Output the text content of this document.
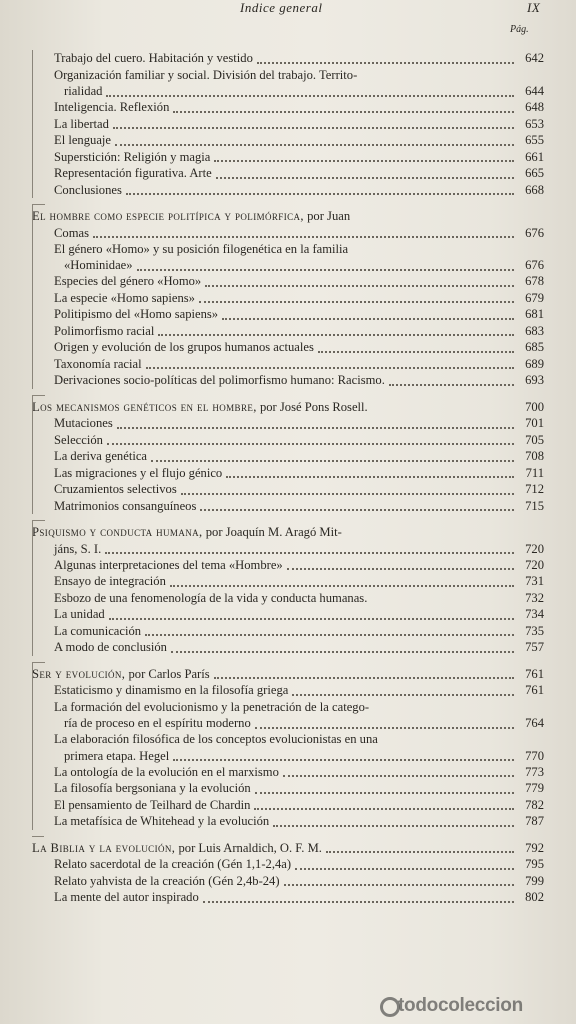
Indice general	IX
Pág.
Trabajo del cuero. Habitación y vestido	642
Organización familiar y social. División del trabajo. Territo-
rialidad	644
Inteligencia. Reflexión	648
La libertad	653
El lenguaje	655
Superstición: Religión y magia	661
Representación figurativa. Arte	665
Conclusiones	668
El hombre como especie politípica y polimórfica, por Juan
Comas	676
El género «Homo» y su posición filogenética en la familia
«Hominidae»	676
Especies del género «Homo»	678
La especie «Homo sapiens»	679
Politipismo del «Homo sapiens»	681
Polimorfismo racial	683
Origen y evolución de los grupos humanos actuales	685
Taxonomía racial	689
Derivaciones socio-políticas del polimorfismo humano: Racismo.	693
Los mecanismos genéticos en el hombre, por José Pons Rosell.	700
Mutaciones	701
Selección	705
La deriva genética	708
Las migraciones y el flujo génico	711
Cruzamientos selectivos	712
Matrimonios consanguíneos	715
Psiquismo y conducta humana, por Joaquín M. Aragó Mit-
jáns, S. I.	720
Algunas interpretaciones del tema «Hombre»	720
Ensayo de integración	731
Esbozo de una fenomenología de la vida y conducta humanas.	732
La unidad	734
La comunicación	735
A modo de conclusión	757
Ser y evolución, por Carlos París	761
Estaticismo y dinamismo en la filosofía griega	761
La formación del evolucionismo y la penetración de la catego-
ría de proceso en el espíritu moderno	764
La elaboración filosófica de los conceptos evolucionistas en una
primera etapa. Hegel	770
La ontología de la evolución en el marxismo	773
La filosofía bergsoniana y la evolución	779
El pensamiento de Teilhard de Chardin	782
La metafísica de Whitehead y la evolución	787
La Biblia y la evolución, por Luis Arnaldich, O. F. M.	792
Relato sacerdotal de la creación (Gén 1,1-2,4a)	795
Relato yahvista de la creación (Gén 2,4b-24)	799
La mente del autor inspirado	802
todocoleccion
